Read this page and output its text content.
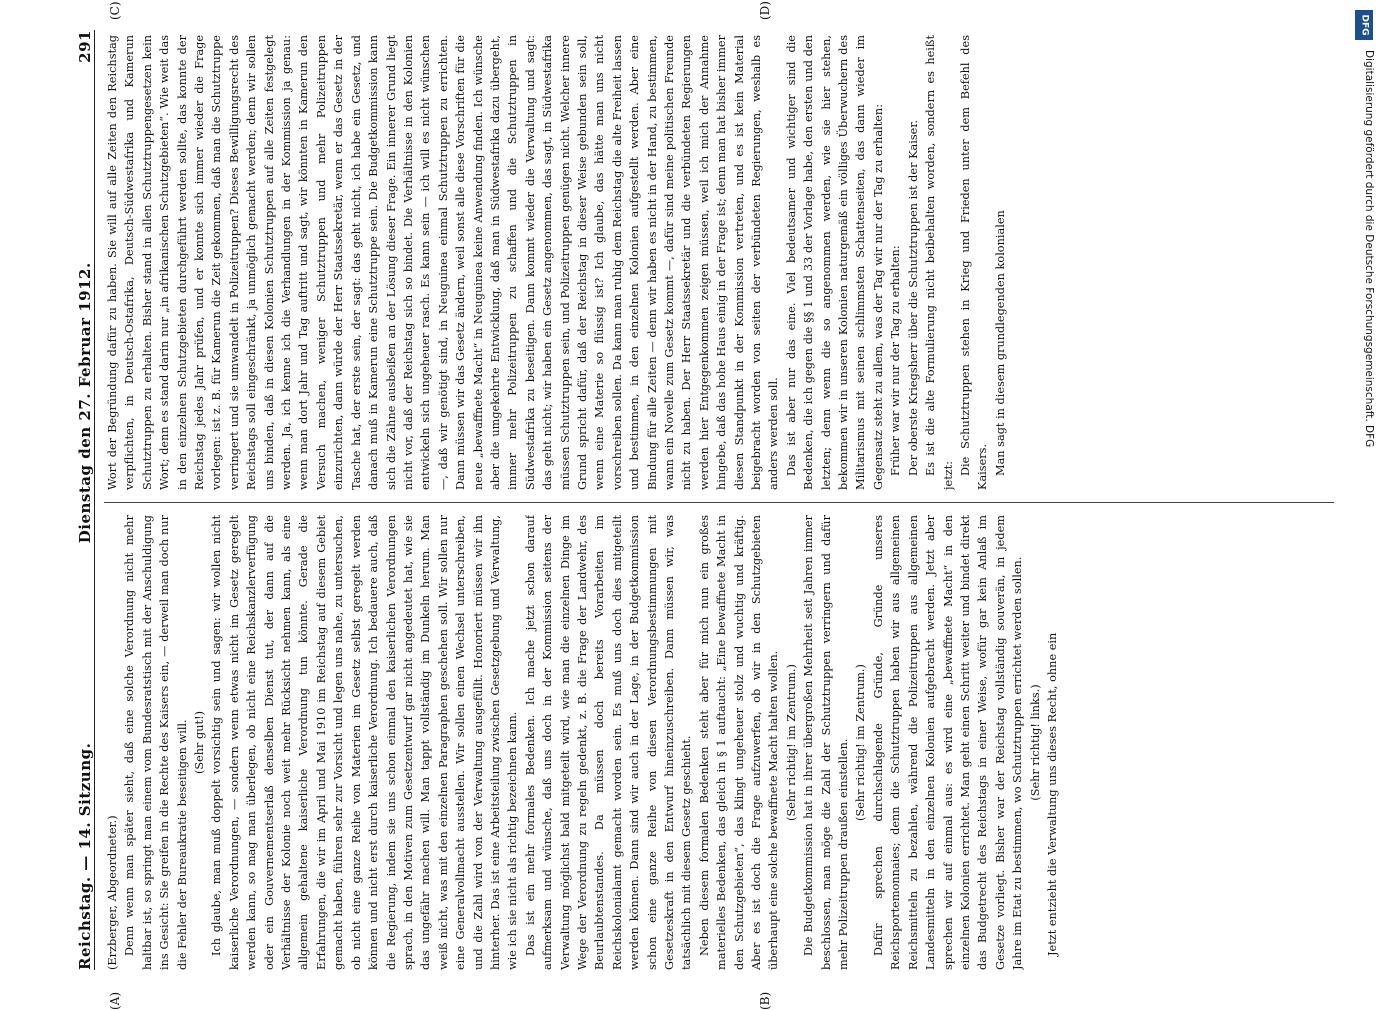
Reichstag. — 14. Sitzung.
Dienstag den 27. Februar 1912.
291
(A)	(B)
(C)	(D)

(Erzberger, Abgeordneter.) Denn wenn man später sieht, daß eine solche Verordnung nicht mehr haltbar ist, so springt man einem vom Bundesratstisch mit der Anschuldigung ins Gesicht: Sie greifen in die Rechte des Kaisers ein, — derweil man doch nur die Fehler der Bureaukratie beseitigen will. (Sehr gut!) Ich glaube, man muß doppelt vorsichtig sein und sagen: wir wollen nicht kaiserliche Verordnungen, — sondern wenn etwas nicht im Gesetz geregelt werden kann, so mag man überlegen, ob nicht eine Reichskanzlerverfügung oder ein Gouvernementserlaß denselben Dienst tut, der dann auf die Verhältnisse der Kolonie noch weit mehr Rücksicht nehmen kann, als eine allgemein gehaltene kaiserliche Verordnung tun könnte. Gerade die Erfahrungen, die wir im April und Mai 1910 im Reichstag auf diesem Gebiet gemacht haben, führen sehr zur Vorsicht und legen uns nahe, zu untersuchen, ob nicht eine ganze Reihe von Materien im Gesetz selbst geregelt werden können und nicht erst durch kaiserliche Verordnung. Ich bedauere auch, daß die Regierung, indem sie uns schon einmal den kaiserlichen Verordnungen sprach, in den Motiven zum Gesetzentwurf gar nicht angedeutet hat, wie sie das ungefähr machen will. Man tappt vollständig im Dunkeln herum. Man weiß nicht, was mit den einzelnen Paragraphen geschehen soll. Wir sollen nur eine Generalvollmacht ausstellen. Wir sollen einen Wechsel unterschreiben, und die Zahl wird von der Verwaltung ausgefüllt. Honoriert müssen wir ihn hinterher. Das ist eine Arbeitsteilung zwischen Gesetzgebung und Verwaltung, wie ich sie nicht als richtig bezeichnen kann. Das ist ein mehr formales Bedenken. Ich mache jetzt schon darauf aufmerksam und wünsche, daß uns doch in der Kommission seitens der Verwaltung möglichst bald mitgeteilt wird, wie man die einzelnen Dinge im Wege der Verordnung zu regeln gedenkt, z. B. die Frage der Landwehr, des Beurlaubtenstandes. Da müssen doch bereits Vorarbeiten im Reichskolonialamt gemacht worden sein. Es muß uns doch dies mitgeteilt werden können. Dann sind wir auch in der Lage, in der Budgetkommission schon eine ganze Reihe von diesen Verordnungsbestimmungen mit Gesetzeskraft in den Entwurf hineinzuschreiben. Dann müssen wir, was tatsächlich mit diesem Gesetz geschieht. Neben diesem formalen Bedenken steht aber für mich nun ein großes materielles Bedenken, das gleich in § 1 auftaucht: „Eine bewaffnete Macht in den Schutzgebieten“, das klingt ungeheuer stolz und wuchtig und kräftig. Aber es ist doch die Frage aufzuwerfen, ob wir in den Schutzgebieten überhaupt eine solche bewaffnete Macht halten wollen. (Sehr richtig! im Zentrum.) Die Budgetkommission hat in ihrer übergroßen Mehrheit seit Jahren immer beschlossen, man möge die Zahl der Schutztruppen verringern und dafür mehr Polizeitruppen draußen einstellen. (Sehr richtig! im Zentrum.) Dafür sprechen durchschlagende Gründe, Gründe unseres Reichsportemonnaies; denn die Schutztruppen haben wir aus allgemeinen Reichsmitteln zu bezahlen, während die Polizeitruppen aus allgemeinen Landesmitteln in den einzelnen Kolonien aufgebracht werden. Jetzt aber sprechen wir auf einmal aus: es wird eine „bewaffnete Macht“ in den einzelnen Kolonien errichtet. Man geht einen Schritt weiter und bindet direkt das Budgetrecht des Reichstags in einer Weise, wofür gar kein Anlaß im Gesetze vorliegt. Bisher war der Reichstag vollständig souverän, in jedem Jahre im Etat zu bestimmen, wo Schutztruppen errichtet werden sollen. (Sehr richtig! links.) Jetzt entzieht die Verwaltung uns dieses Recht, ohne ein

Wort der Begründung dafür zu haben. Sie will auf alle Zeiten den Reichstag verpflichten, in Deutsch-Ostafrika, Deutsch-Südwestafrika und Kamerun Schutztruppen zu erhalten. Bisher stand in allen Schutztruppengesetzen kein Wort; denn es stand darin nur „in afrikanischen Schutzgebieten“. Wie weit das in den einzelnen Schutzgebieten durchgeführt werden sollte, das konnte der Reichstag jedes Jahr prüfen, und er konnte sich immer wieder die Frage vorlegen: ist z. B. für Kamerun die Zeit gekommen, daß man die Schutztruppe verringert und sie umwandelt in Polizeitruppen? Dieses Bewilligungsrecht des Reichstags soll eingeschränkt, ja unmöglich gemacht werden; denn wir sollen uns binden, daß in diesen Kolonien Schutztruppen auf alle Zeiten festgelegt werden. Ja, ich kenne ich die Verhandlungen in der Kommission ja genau: wenn man dort Jahr und Tag auftritt und sagt, wir könnten in Kamerun den Versuch machen, weniger Schutztruppen und mehr Polizeitruppen einzurichten, dann würde der Herr Staatssekretär, wenn er das Gesetz in der Tasche hat, der erste sein, der sagt: das geht nicht, ich habe ein Gesetz, und danach muß in Kamerun eine Schutztruppe sein. Die Budgetkommission kann sich die Zähne ausbeißen an der Lösung dieser Frage. Ein innerer Grund liegt nicht vor, daß der Reichstag sich so bindet. Die Verhältnisse in den Kolonien entwickeln sich ungeheuer rasch. Es kann sein — ich will es nicht wünschen —, daß wir genötigt sind, in Neuguinea einmal Schutztruppen zu errichten. Dann müssen wir das Gesetz ändern, weil sonst alle diese Vorschriften für die neue „bewaffnete Macht“ in Neuguinea keine Anwendung finden. Ich wünsche aber die umgekehrte Entwicklung, daß man in Südwestafrika dazu übergeht, immer mehr Polizeitruppen zu schaffen und die Schutztruppen in Südwestafrika zu beseitigen. Dann kommt wieder die Verwaltung und sagt: das geht nicht; wir haben ein Gesetz angenommen, das sagt, in Südwestafrika müssen Schutztruppen sein, und Polizeitruppen genügen nicht. Welcher innere Grund spricht dafür, daß der Reichstag in dieser Weise gebunden sein soll, wenn eine Materie so flüssig ist? Ich glaube, das hätte man uns nicht vorschreiben sollen. Da kann man ruhig dem Reichstag die alte Freiheit lassen und bestimmen, in den einzelnen Kolonien aufgestellt werden. Aber eine Bindung für alle Zeiten — denn wir haben es nicht in der Hand, zu bestimmen, wann ein Novelle zum Gesetz kommt —, dafür sind meine politischen Freunde nicht zu haben. Der Herr Staatssekretär und die verbündeten Regierungen werden hier Entgegenkommen zeigen müssen, weil ich mich der Annahme hingebe, daß das hohe Haus einig in der Frage ist; denn man hat bisher immer diesen Standpunkt in der Kommission vertreten, und es ist kein Material beigebracht worden von seiten der verbündeten Regierungen, weshalb es anders werden soll. Das ist aber nur das eine. Viel bedeutsamer und wichtiger sind die Bedenken, die ich gegen die §§ 1 und 33 der Vorlage habe, den ersten und den letzten; denn wenn die so angenommen werden, wie sie hier stehen, bekommen wir in unseren Kolonien naturgemäß ein völliges Überwuchern des Militarismus mit seinen schlimmsten Schattenseiten, das dann wieder im Gegensatz steht zu allem, was der Tag wir nur der Tag zu erhalten: Früher war wir nur der Tag zu erhalten: Der oberste Kriegsherr über die Schutztruppen ist der Kaiser. Es ist die alte Formulierung nicht beibehalten worden, sondern es heißt jetzt: Die Schutztruppen stehen in Krieg und Frieden unter dem Befehl des Kaisers. Man sagt in diesem grundlegenden kolonialen

DFG
Digitalisierung gefördert durch die Deutsche Forschungsgemeinschaft. DFG
